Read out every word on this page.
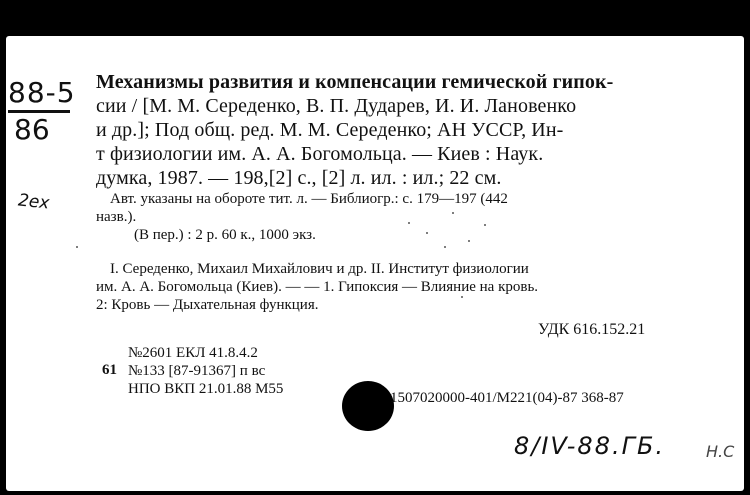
88-5
86
2ex
Механизмы развития и компенсации гемической гипок-
сии / [М. М. Середенко, В. П. Дударев, И. И. Лановенко
и др.]; Под общ. ред. М. М. Середенко; АН УССР, Ин-
т физиологии им. А. А. Богомольца. — Киев : Наук.
думка, 1987. — 198,[2] с., [2] л. ил. : ил.; 22 см.
Авт. указаны на обороте тит. л. — Библиогр.: с. 179—197 (442
назв.).
(В пер.) : 2 р. 60 к., 1000 экз.
I. Середенко, Михаил Михайлович и др. II. Институт физиологии
им. А. А. Богомольца (Киев). — — 1. Гипоксия — Влияние на кровь.
2: Кровь — Дыхательная функция.
УДК 616.152.21
№2601 ЕКЛ 41.8.4.2
№133 [87-91367] п вс
НПО ВКП 21.01.88 М55
61
1507020000-401/М221(04)-87 368-87
8/IV-88.ГБ.	Н.С
